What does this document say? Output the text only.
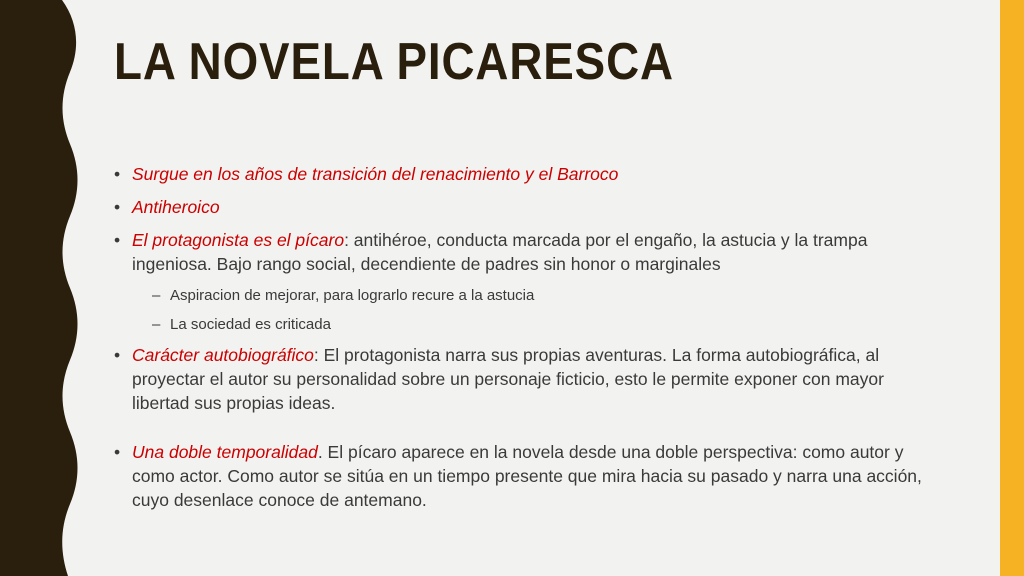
LA NOVELA PICARESCA
• Surgue en los años de transición del renacimiento y el Barroco
• Antiheroico
• El protagonista es el pícaro: antihéroe, conducta marcada por el engaño, la astucia y la trampa ingeniosa. Bajo rango social, decendiente de padres sin honor o marginales
– Aspiracion de mejorar, para lograrlo recure a la astucia
– La sociedad es criticada
• Carácter autobiográfico: El protagonista narra sus propias aventuras. La forma autobiográfica, al proyectar el autor su personalidad sobre un personaje ficticio, esto le permite exponer con mayor libertad sus propias ideas.
• Una doble temporalidad. El pícaro aparece en la novela desde una doble perspectiva: como autor y como actor. Como autor se sitúa en un tiempo presente que mira hacia su pasado y narra una acción, cuyo desenlace conoce de antemano.
